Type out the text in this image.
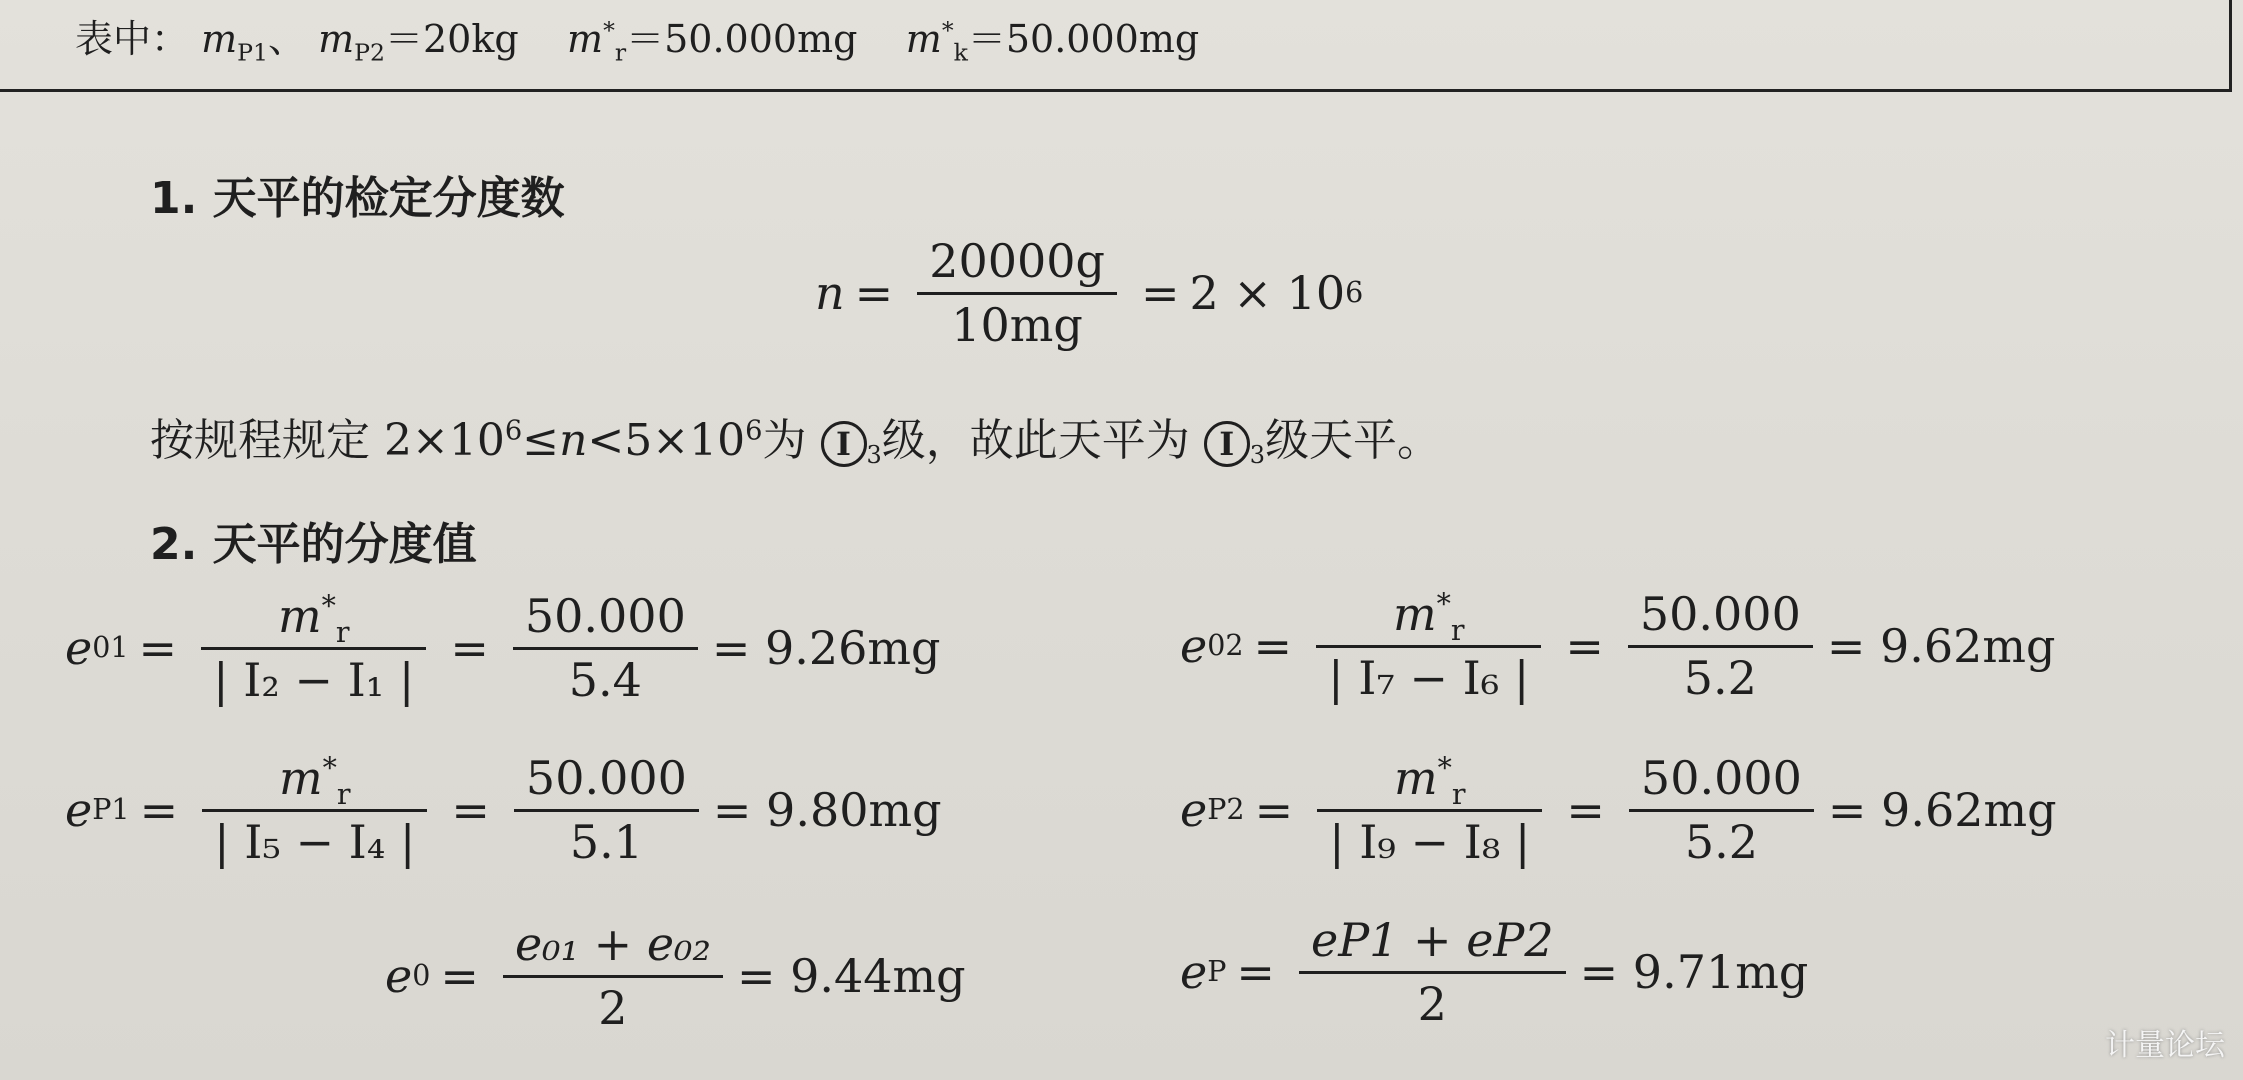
表中： $m_{P1}$、 $m_{P2}=20kg$ $m^*_r=50.000mg$ $m^*_k=50.000mg$
1. 天平的检定分度数
$n = \frac{20000g}{10mg} = 2 \times 10$ 6
按规程规定 $2\times 10^6\le n<5\times 10^6$为 I 3级，故此天平为 I 3级天平。
2. 天平的分度值
e $01 = \frac{m^*_r}{\text{| I₂ − I₁ |}} = \frac{50.000}{5.4} = 9.26mg$	e $02 = \frac{m^*_r}{\text{| I₇ − I₆ |}} = \frac{50.000}{5.2} = 9.62mg$
e $P1 = \frac{m^*_r}{\text{| I₅ − I₄ |}} = \frac{50.000}{5.1} = 9.80mg$	e $P2 = \frac{m^*_r}{\text{| I₉ − I₈ |}} = \frac{50.000}{5.2} = 9.62mg$
e $0 = \frac{\text{e₀₁ + e₀₂}}{2} = 9.44mg$	e $P = \frac{eP1 + eP2}{2} = 9.71mg$
计量论坛
